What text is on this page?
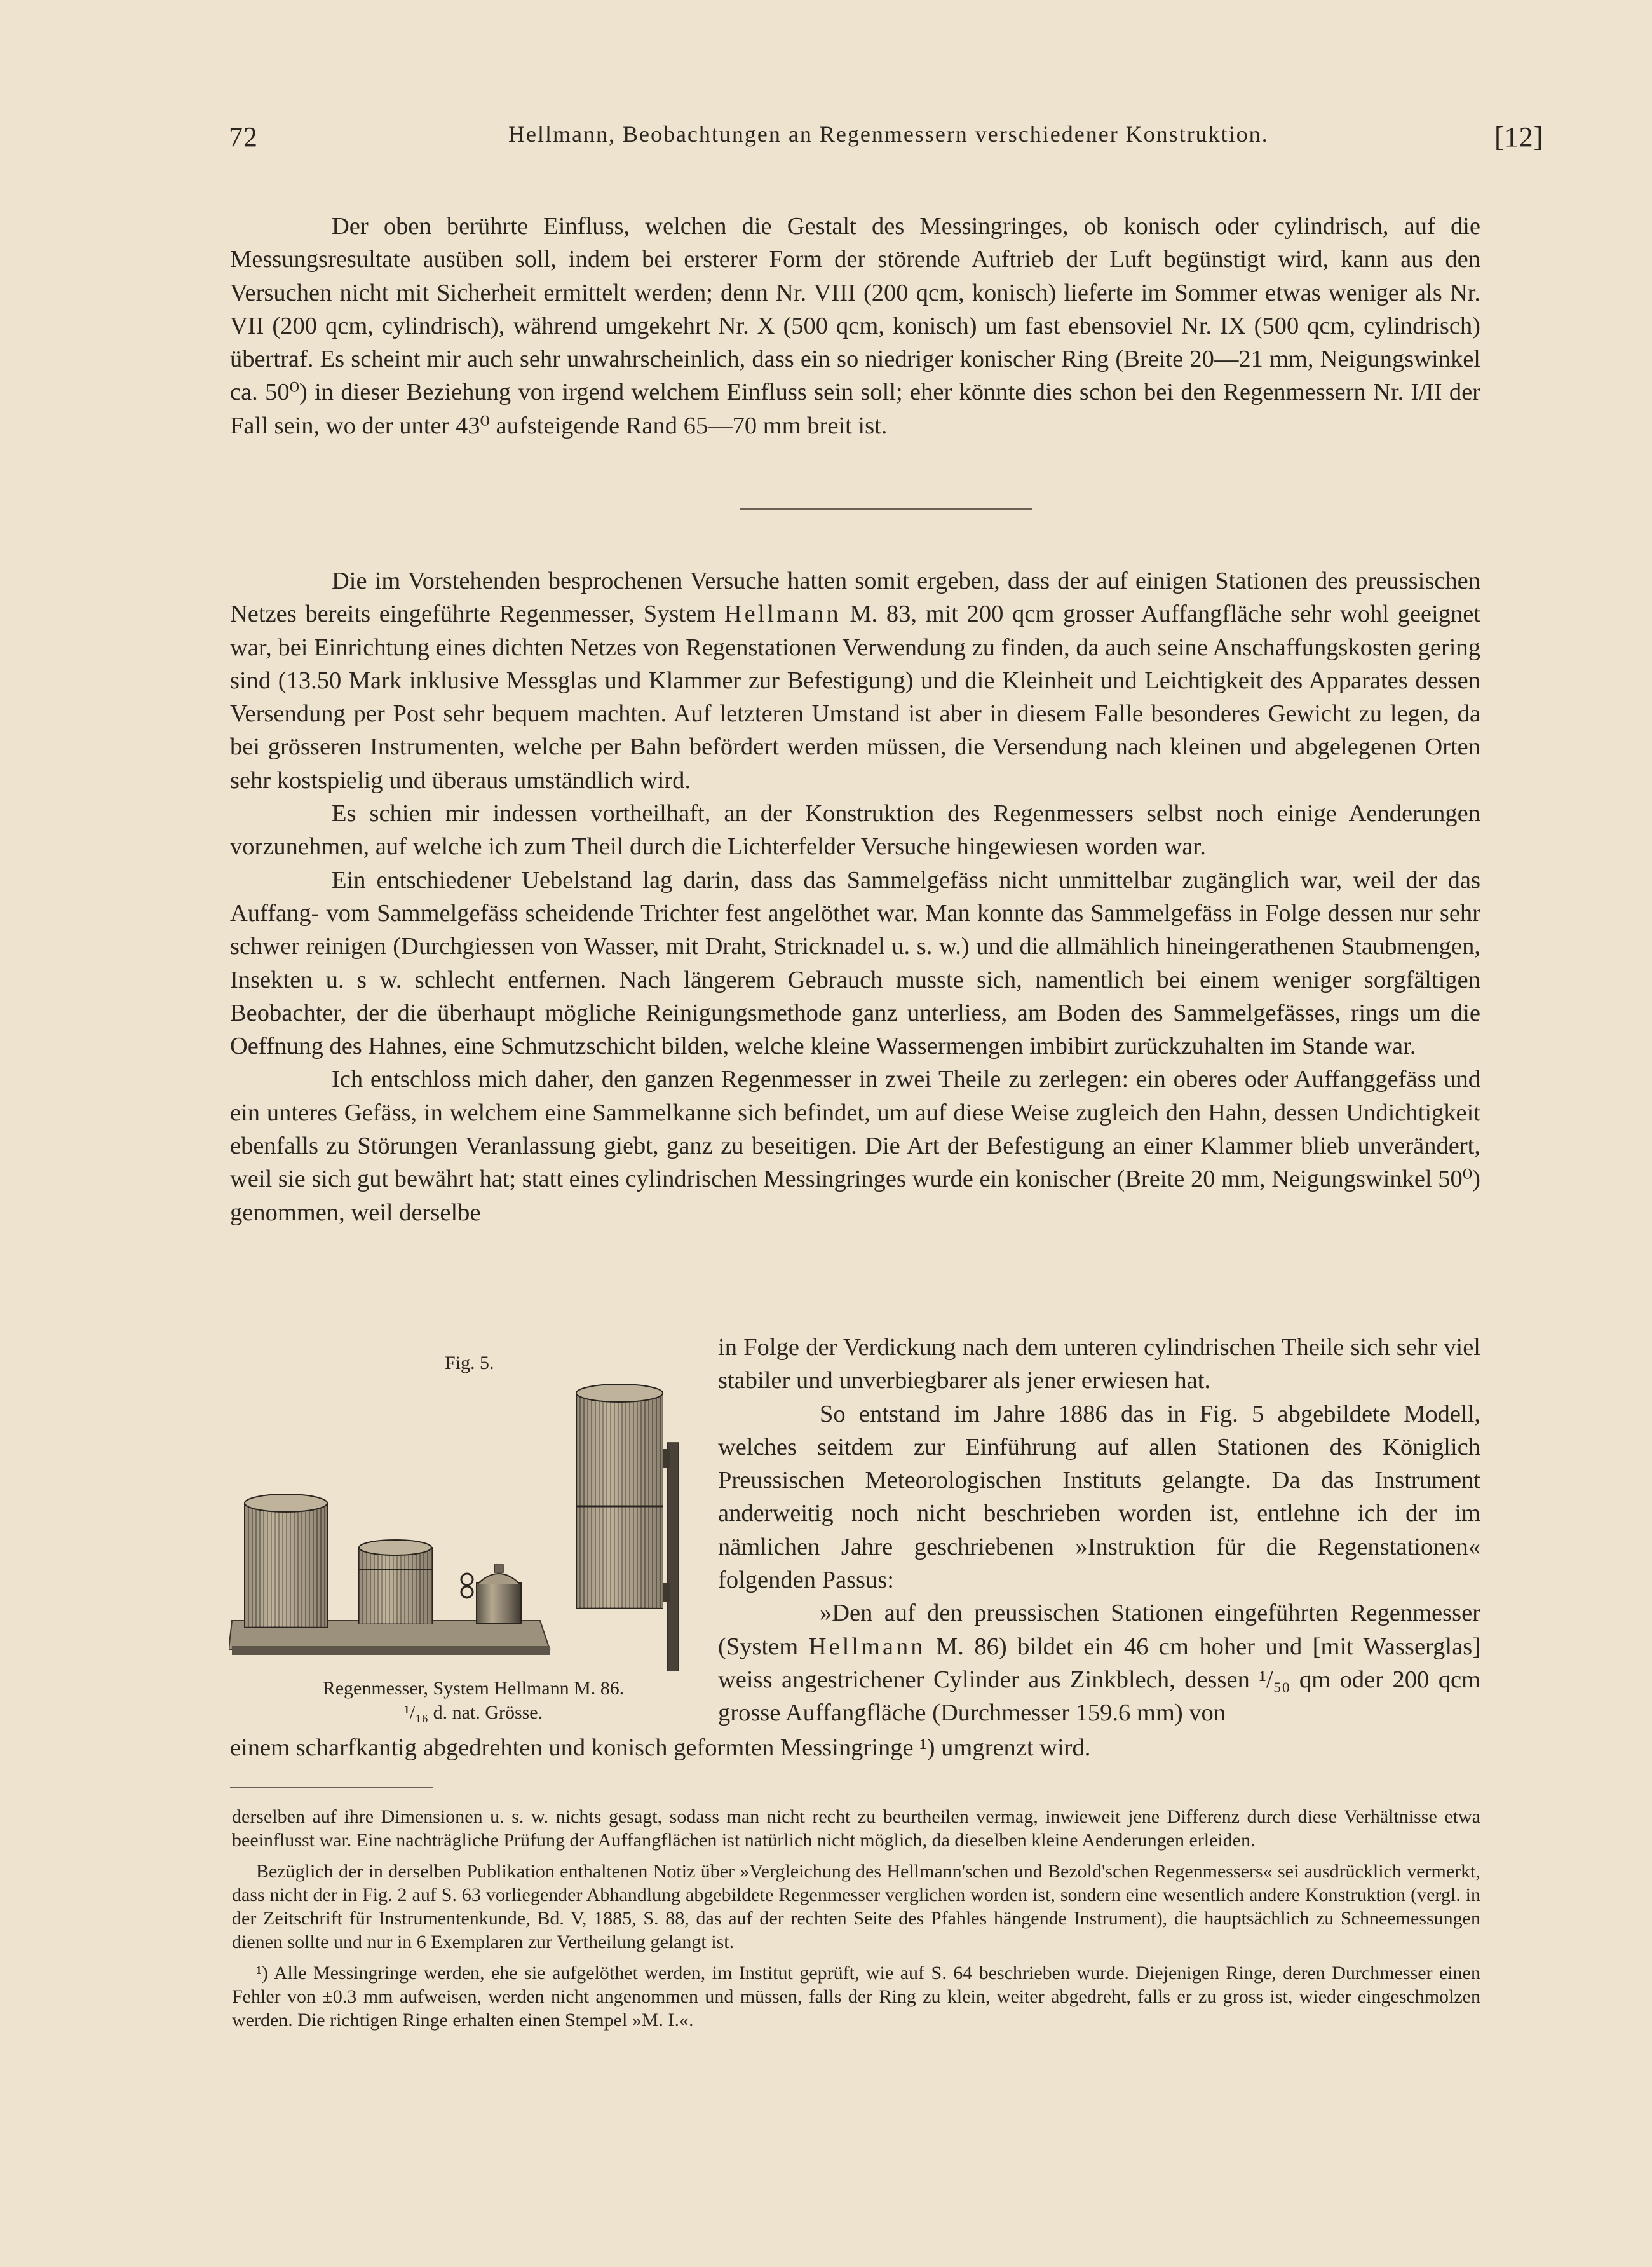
72	Hellmann, Beobachtungen an Regenmessern verschiedener Konstruktion.	[12]

Der oben berührte Einfluss, welchen die Gestalt des Messingringes, ob konisch oder cylindrisch, auf die Messungsresultate ausüben soll, indem bei ersterer Form der störende Auftrieb der Luft begünstigt wird, kann aus den Versuchen nicht mit Sicherheit ermittelt werden; denn Nr. VIII (200 qcm, konisch) lieferte im Sommer etwas weniger als Nr. VII (200 qcm, cylindrisch), während umgekehrt Nr. X (500 qcm, konisch) um fast ebensoviel Nr. IX (500 qcm, cylindrisch) übertraf. Es scheint mir auch sehr unwahrscheinlich, dass ein so niedriger konischer Ring (Breite 20—21 mm, Neigungswinkel ca. 50⁰) in dieser Beziehung von irgend welchem Einfluss sein soll; eher könnte dies schon bei den Regenmessern Nr. I/II der Fall sein, wo der unter 43⁰ aufsteigende Rand 65—70 mm breit ist.

Die im Vorstehenden besprochenen Versuche hatten somit ergeben, dass der auf einigen Stationen des preussischen Netzes bereits eingeführte Regenmesser, System Hellmann M. 83, mit 200 qcm grosser Auffangfläche sehr wohl geeignet war, bei Einrichtung eines dichten Netzes von Regenstationen Verwendung zu finden, da auch seine Anschaffungskosten gering sind (13.50 Mark inklusive Messglas und Klammer zur Befestigung) und die Kleinheit und Leichtigkeit des Apparates dessen Versendung per Post sehr bequem machten. Auf letzteren Umstand ist aber in diesem Falle besonderes Gewicht zu legen, da bei grösseren Instrumenten, welche per Bahn befördert werden müssen, die Versendung nach kleinen und abgelegenen Orten sehr kostspielig und überaus umständlich wird.

Es schien mir indessen vortheilhaft, an der Konstruktion des Regenmessers selbst noch einige Aenderungen vorzunehmen, auf welche ich zum Theil durch die Lichterfelder Versuche hingewiesen worden war.

Ein entschiedener Uebelstand lag darin, dass das Sammelgefäss nicht unmittelbar zugänglich war, weil der das Auffang- vom Sammelgefäss scheidende Trichter fest angelöthet war. Man konnte das Sammelgefäss in Folge dessen nur sehr schwer reinigen (Durchgiessen von Wasser, mit Draht, Stricknadel u. s. w.) und die allmählich hineingerathenen Staubmengen, Insekten u. s w. schlecht entfernen. Nach längerem Gebrauch musste sich, namentlich bei einem weniger sorgfältigen Beobachter, der die überhaupt mögliche Reinigungsmethode ganz unterliess, am Boden des Sammelgefässes, rings um die Oeffnung des Hahnes, eine Schmutzschicht bilden, welche kleine Wassermengen imbibirt zurückzuhalten im Stande war.

Ich entschloss mich daher, den ganzen Regenmesser in zwei Theile zu zerlegen: ein oberes oder Auffanggefäss und ein unteres Gefäss, in welchem eine Sammelkanne sich befindet, um auf diese Weise zugleich den Hahn, dessen Undichtigkeit ebenfalls zu Störungen Veranlassung giebt, ganz zu beseitigen. Die Art der Befestigung an einer Klammer blieb unverändert, weil sie sich gut bewährt hat; statt eines cylindrischen Messingringes wurde ein konischer (Breite 20 mm, Neigungswinkel 50⁰) genommen, weil derselbe

in Folge der Verdickung nach dem unteren cylindrischen Theile sich sehr viel stabiler und unverbiegbarer als jener erwiesen hat.

So entstand im Jahre 1886 das in Fig. 5 abgebildete Modell, welches seitdem zur Einführung auf allen Stationen des Königlich Preussischen Meteorologischen Instituts gelangte. Da das Instrument anderweitig noch nicht beschrieben worden ist, entlehne ich der im nämlichen Jahre geschriebenen »Instruktion für die Regenstationen« folgenden Passus:

»Den auf den preussischen Stationen eingeführten Regenmesser (System Hellmann M. 86) bildet ein 46 cm hoher und [mit Wasserglas] weiss angestrichener Cylinder aus Zinkblech, dessen ¹/₅₀ qm oder 200 qcm grosse Auffangfläche (Durchmesser 159.6 mm) von

einem scharfkantig abgedrehten und konisch geformten Messingringe ¹) umgrenzt wird.

Fig. 5.
Regenmesser, System Hellmann M. 86.
¹/₁₆ d. nat. Grösse.

derselben auf ihre Dimensionen u. s. w. nichts gesagt, sodass man nicht recht zu beurtheilen vermag, inwieweit jene Differenz durch diese Verhältnisse etwa beeinflusst war. Eine nachträgliche Prüfung der Auffangflächen ist natürlich nicht möglich, da dieselben kleine Aenderungen erleiden.

Bezüglich der in derselben Publikation enthaltenen Notiz über »Vergleichung des Hellmann'schen und Bezold'schen Regenmessers« sei ausdrücklich vermerkt, dass nicht der in Fig. 2 auf S. 63 vorliegender Abhandlung abgebildete Regenmesser verglichen worden ist, sondern eine wesentlich andere Konstruktion (vergl. in der Zeitschrift für Instrumentenkunde, Bd. V, 1885, S. 88, das auf der rechten Seite des Pfahles hängende Instrument), die hauptsächlich zu Schneemessungen dienen sollte und nur in 6 Exemplaren zur Vertheilung gelangt ist.

¹) Alle Messingringe werden, ehe sie aufgelöthet werden, im Institut geprüft, wie auf S. 64 beschrieben wurde. Diejenigen Ringe, deren Durchmesser einen Fehler von ±0.3 mm aufweisen, werden nicht angenommen und müssen, falls der Ring zu klein, weiter abgedreht, falls er zu gross ist, wieder eingeschmolzen werden. Die richtigen Ringe erhalten einen Stempel »M. I.«.
